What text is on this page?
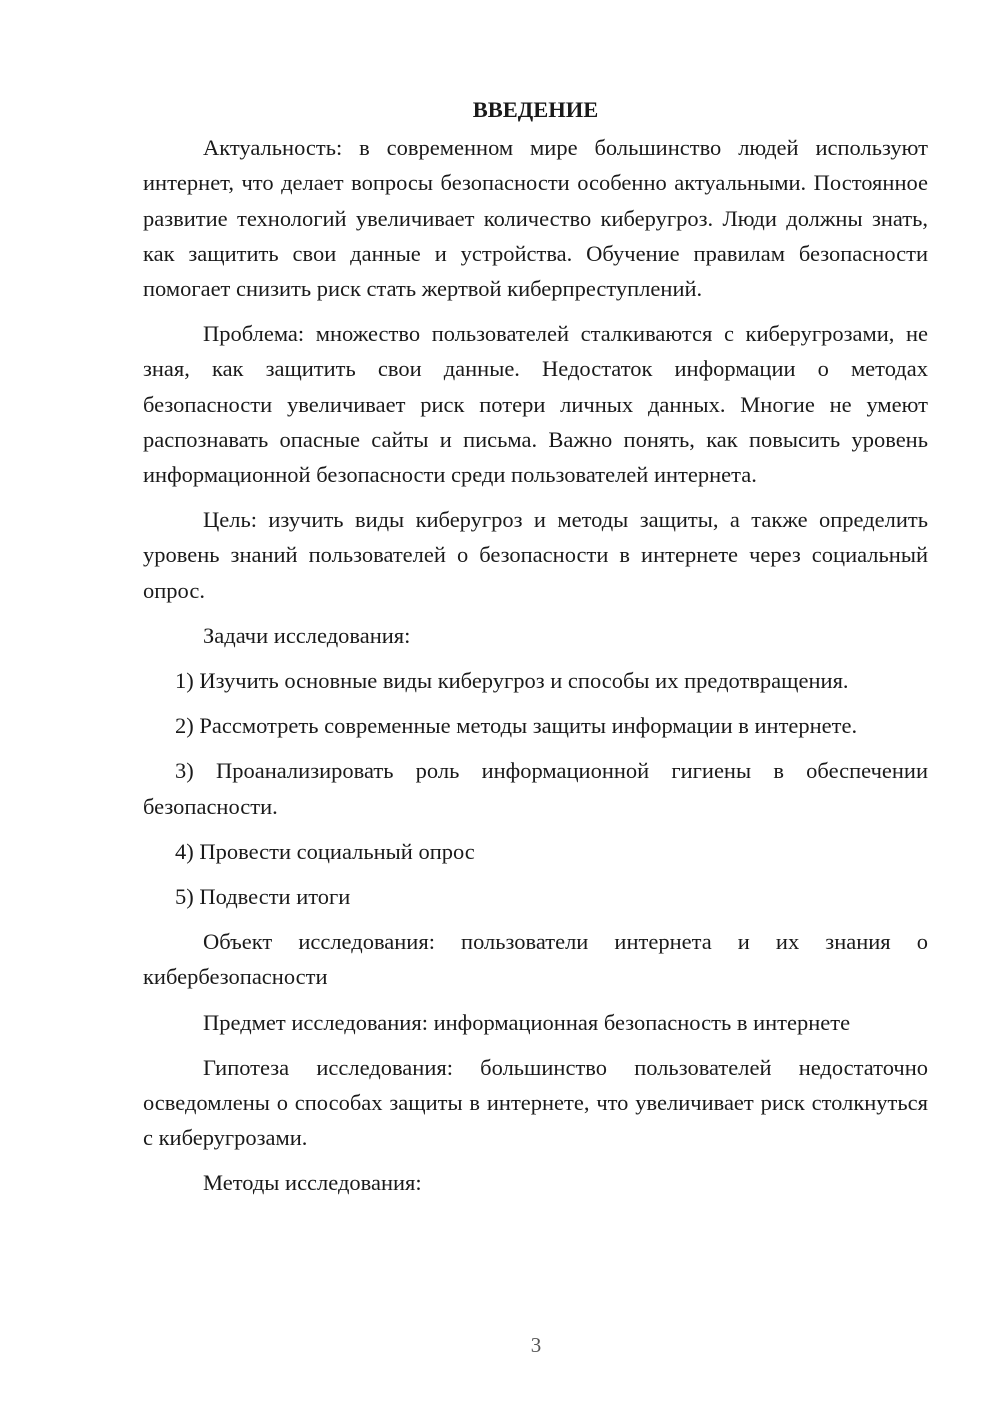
ВВЕДЕНИЕ

Актуальность: в современном мире большинство людей используют интернет, что делает вопросы безопасности особенно актуальными. Постоянное развитие технологий увеличивает количество киберугроз. Люди должны знать, как защитить свои данные и устройства. Обучение правилам безопасности помогает снизить риск стать жертвой киберпреступлений.

Проблема: множество пользователей сталкиваются с киберугрозами, не зная, как защитить свои данные. Недостаток информации о методах безопасности увеличивает риск потери личных данных. Многие не умеют распознавать опасные сайты и письма. Важно понять, как повысить уровень информационной безопасности среди пользователей интернета.

Цель: изучить виды киберугроз и методы защиты, а также определить уровень знаний пользователей о безопасности в интернете через социальный опрос.

Задачи исследования:

1) Изучить основные виды киберугроз и способы их предотвращения.

2) Рассмотреть современные методы защиты информации в интернете.

3) Проанализировать роль информационной гигиены в обеспечении безопасности.

4) Провести социальный опрос

5) Подвести итоги

Объект исследования: пользователи интернета и их знания о кибербезопасности

Предмет исследования: информационная безопасность в интернете

Гипотеза исследования: большинство пользователей недостаточно осведомлены о способах защиты в интернете, что увеличивает риск столкнуться с киберугрозами.

Методы исследования:

3
